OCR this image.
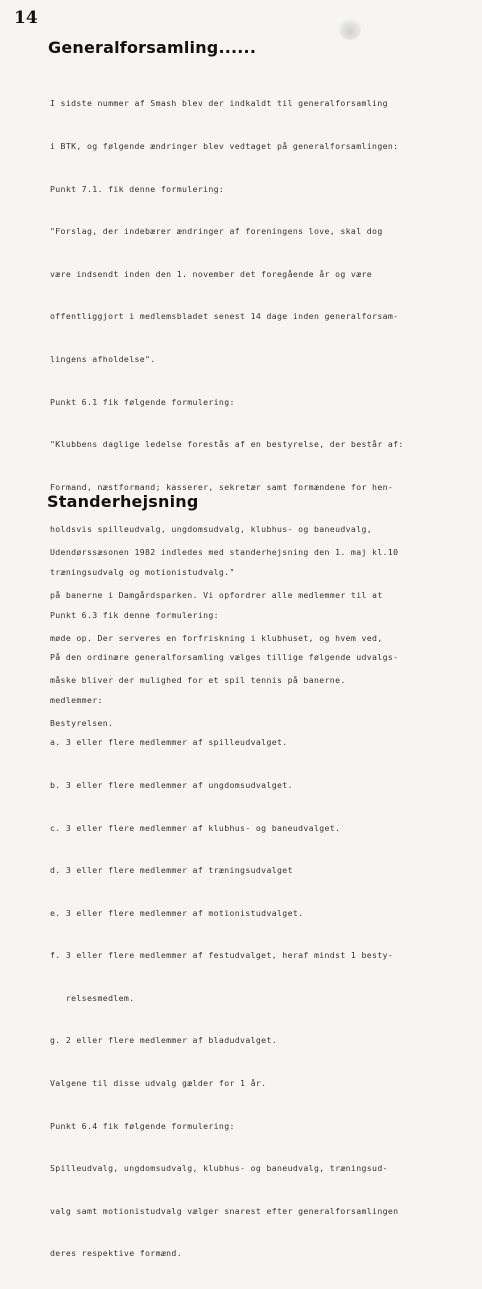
14
Generalforsamling......

I sidste nummer af Smash blev der indkaldt til generalforsamling

i BTK, og følgende ændringer blev vedtaget på generalforsamlingen:

Punkt 7.1. fik denne formulering:

"Forslag, der indebærer ændringer af foreningens love, skal dog

være indsendt inden den 1. november det foregående år og være

offentliggjort i medlemsbladet senest 14 dage inden generalforsam-

lingens afholdelse".

Punkt 6.1 fik følgende formulering:

"Klubbens daglige ledelse forestås af en bestyrelse, der består af:

Formand, næstformand; kasserer, sekretær samt formændene for hen-

holdsvis spilleudvalg, ungdomsudvalg, klubhus- og baneudvalg,

træningsudvalg og motionistudvalg."

Punkt 6.3 fik denne formulering:

På den ordinære generalforsamling vælges tillige følgende udvalgs-

medlemmer:

a. 3 eller flere medlemmer af spilleudvalget.

b. 3 eller flere medlemmer af ungdomsudvalget.

c. 3 eller flere medlemmer af klubhus- og baneudvalget.

d. 3 eller flere medlemmer af træningsudvalget

e. 3 eller flere medlemmer af motionistudvalget.

f. 3 eller flere medlemmer af festudvalget, heraf mindst 1 besty-

relsesmedlem.

g. 2 eller flere medlemmer af bladudvalget.

Valgene til disse udvalg gælder for 1 år.

Punkt 6.4 fik følgende formulering:

Spilleudvalg, ungdomsudvalg, klubhus- og baneudvalg, træningsud-

valg samt motionistudvalg vælger snarest efter generalforsamlingen

deres respektive formænd.

Standerhejsning

Udendørssæsonen 1982 indledes med standerhejsning den 1. maj kl.10

på banerne i Damgårdsparken. Vi opfordrer alle medlemmer til at

møde op. Der serveres en forfriskning i klubhuset, og hvem ved,

måske bliver der mulighed for et spil tennis på banerne.

Bestyrelsen.
